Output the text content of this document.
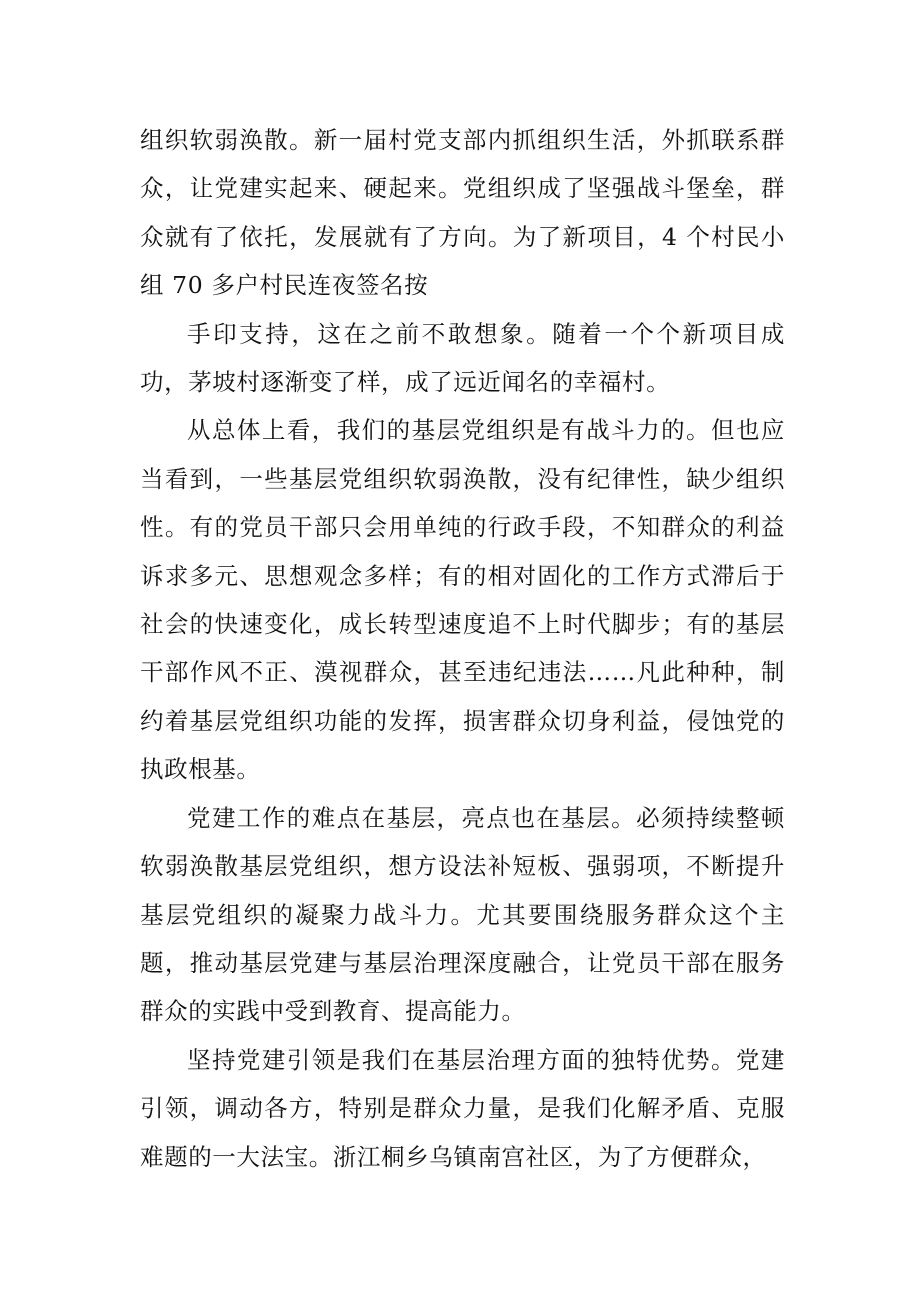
组织软弱涣散。新一届村党支部内抓组织生活，外抓联系群众，让党建实起来、硬起来。党组织成了坚强战斗堡垒，群众就有了依托，发展就有了方向。为了新项目，4 个村民小组 70 多户村民连夜签名按

手印支持，这在之前不敢想象。随着一个个新项目成功，茅坡村逐渐变了样，成了远近闻名的幸福村。

从总体上看，我们的基层党组织是有战斗力的。但也应当看到，一些基层党组织软弱涣散，没有纪律性，缺少组织性。有的党员干部只会用单纯的行政手段，不知群众的利益诉求多元、思想观念多样；有的相对固化的工作方式滞后于社会的快速变化，成长转型速度追不上时代脚步；有的基层干部作风不正、漠视群众，甚至违纪违法……凡此种种，制约着基层党组织功能的发挥，损害群众切身利益，侵蚀党的执政根基。

党建工作的难点在基层，亮点也在基层。必须持续整顿软弱涣散基层党组织，想方设法补短板、强弱项，不断提升基层党组织的凝聚力战斗力。尤其要围绕服务群众这个主题，推动基层党建与基层治理深度融合，让党员干部在服务群众的实践中受到教育、提高能力。

坚持党建引领是我们在基层治理方面的独特优势。党建引领，调动各方，特别是群众力量，是我们化解矛盾、克服难题的一大法宝。浙江桐乡乌镇南宫社区，为了方便群众，
